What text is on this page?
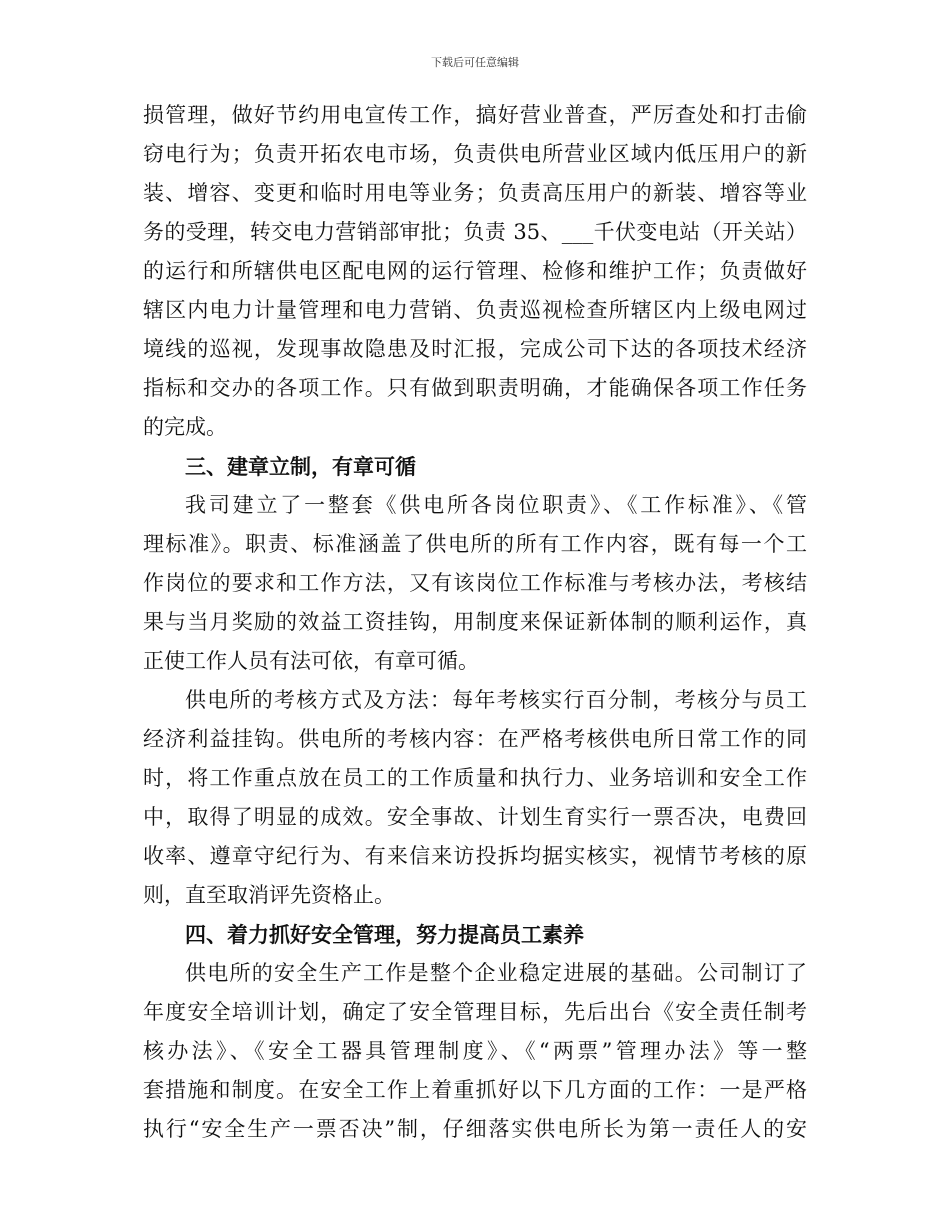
下载后可任意编辑
损管理，做好节约用电宣传工作，搞好营业普查，严厉查处和打击偷
窃电行为；负责开拓农电市场，负责供电所营业区域内低压用户的新
装、增容、变更和临时用电等业务；负责高压用户的新装、增容等业
务的受理，转交电力营销部审批；负责 35、___千伏变电站（开关站）
的运行和所辖供电区配电网的运行管理、检修和维护工作；负责做好
辖区内电力计量管理和电力营销、负责巡视检查所辖区内上级电网过
境线的巡视，发现事故隐患及时汇报，完成公司下达的各项技术经济
指标和交办的各项工作。只有做到职责明确，才能确保各项工作任务
的完成。
三、建章立制，有章可循
我司建立了一整套《供电所各岗位职责》、《工作标准》、《管
理标准》。职责、标准涵盖了供电所的所有工作内容，既有每一个工
作岗位的要求和工作方法，又有该岗位工作标准与考核办法，考核结
果与当月奖励的效益工资挂钩，用制度来保证新体制的顺利运作，真
正使工作人员有法可依，有章可循。
供电所的考核方式及方法：每年考核实行百分制，考核分与员工
经济利益挂钩。供电所的考核内容：在严格考核供电所日常工作的同
时，将工作重点放在员工的工作质量和执行力、业务培训和安全工作
中，取得了明显的成效。安全事故、计划生育实行一票否决，电费回
收率、遵章守纪行为、有来信来访投拆均据实核实，视情节考核的原
则，直至取消评先资格止。
四、着力抓好安全管理，努力提高员工素养
供电所的安全生产工作是整个企业稳定进展的基础。公司制订了
年度安全培训计划，确定了安全管理目标，先后出台《安全责任制考
核办法》、《安全工器具管理制度》、《“两票”管理办法》等一整
套措施和制度。在安全工作上着重抓好以下几方面的工作：一是严格
执行“安全生产一票否决”制，仔细落实供电所长为第一责任人的安
